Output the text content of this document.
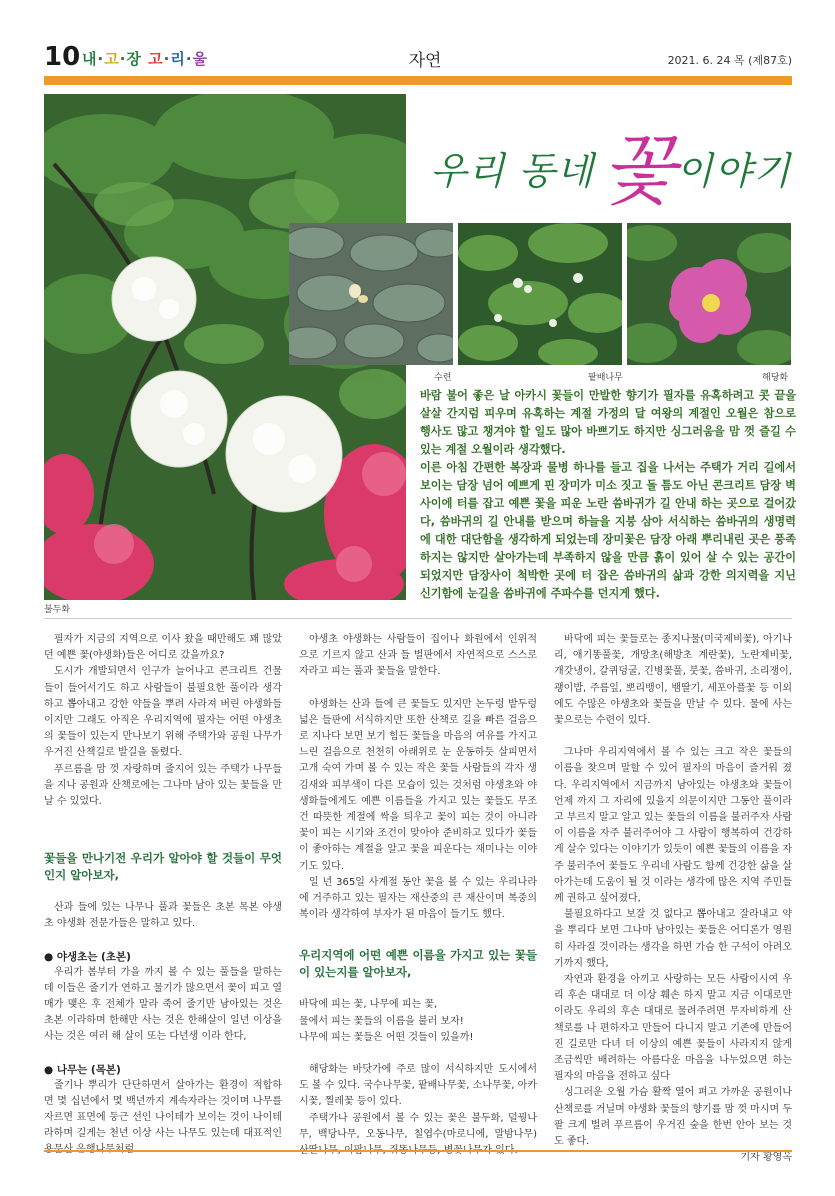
10 내·고·장 고·리·울	자연	2021. 6. 24 목 (제87호)
불두화
우리 동네 꽃 이야기
수련	팥배나무	해당화

바람 불어 좋은 날 아카시 꽃들이 만발한 향기가 필자를 유혹하려고 콧 끝을 살살 간지럼 피우며 유혹하는 계절 가정의 달 여왕의 계절인 오월은 참으로 행사도 많고 챙겨야 할 일도 많아 바쁘기도 하지만 싱그러움을 맘 껏 즐길 수 있는 계절 오월이라 생각했다.

이른 아침 간편한 복장과 물병 하나를 들고 집을 나서는 주택가 거리 길에서 보이는 담장 넘어 예쁘게 핀 장미가 미소 짓고 돌 틈도 아닌 콘크리트 담장 벽 사이에 터를 잡고 예쁜 꽃을 피운 노란 씀바귀가 길 안내 하는 곳으로 걸어갔다, 씀바귀의 길 안내를 받으며 하늘을 지붕 삼아 서식하는 씀바귀의 생명력에 대한 대단함을 생각하게 되었는데 장미꽃은 담장 아래 뿌리내린 곳은 풍족하지는 않지만 살아가는데 부족하지 않을 만큼 흙이 있어 살 수 있는 공간이 되었지만 담장사이 척박한 곳에 터 잡은 씀바귀의 삶과 강한 의지력을 지닌 신기함에 눈길을 씀바귀에 주파수를 던지게 했다.

필자가 지금의 지역으로 이사 왔을 때만해도 꽤 많았던 예쁜 꽃(야생화)들은 어디로 갔을까요?

도시가 개발되면서 인구가 늘어나고 콘크리트 건물들이 들어서기도 하고 사람들이 불필요한 풀이라 생각하고 뽑아내고 강한 약들을 뿌려 사라져 버린 야생화들이지만 그래도 아직은 우리지역에 필자는 어떤 야생초의 꽃들이 있는지 만나보기 위해 주택가와 공원 나무가 우거진 산책길로 발길을 돌렸다.

푸르름을 맘 껏 자랑하며 줄지어 있는 주택가 나무들을 지나 공원과 산책로에는 그나마 남아 있는 꽃들을 만날 수 있었다.

꽃들을 만나기전 우리가 알아야 할 것들이 무엇인지 알아보자,

산과 들에 있는 나무나 풀과 꽃들은 초본 목본 야생초 야생화 전문가들은 말하고 있다.

● 야생초는 (초본)

우리가 봄부터 가을 까지 볼 수 있는 풀들을 말하는데 이들은 줄기가 연하고 물기가 많으면서 꽃이 피고 열매가 맺은 후 전체가 말라 죽어 줄기만 남아있는 것은 초본 이라하며 한해만 사는 것은 한해살이 일년 이상을 사는 것은 여러 해 살이 또는 다년생 이라 한다,

● 나무는 (목본)

줄기나 뿌리가 단단하면서 살아가는 환경이 적합하면 몇 십년에서 몇 백년까지 계속자라는 것이며 나무를 자르면 표면에 둥근 선인 나이테가 보이는 것이 나이테 라하며 길게는 천년 이상 사는 나무도 있는데 대표적인

야생초 야생화는 사람들이 집이나 화원에서 인위적으로 기르지 않고 산과 들 벌판에서 자연적으로 스스로 자라고 피는 풀과 꽃들을 말한다.

야생화는 산과 들에 큰 꽃들도 있지만 논두렁 밭두렁 넓은 들판에 서식하지만 또한 산책로 길을 빠른 걸음으로 지나다 보면 보기 힘든 꽃들을 마음의 여유를 가지고 느린 걸음으로 천천히 아래위로 눈 운동하듯 살피면서 고개 숙여 가며 볼 수 있는 작은 꽃들 사람들의 각자 생김새와 피부색이 다른 모습이 있는 것처럼 야생초와 야생화들에게도 예쁜 이름들을 가지고 있는 꽃들도 무조건 따뜻한 계절에 싹을 틔우고 꽃이 피는 것이 아니라 꽃이 피는 시기와 조건이 맞아야 준비하고 있다가 꽃들이 좋아하는 계절을 알고 꽃을 피운다는 재미나는 이야기도 있다.

일 년 365일 사계절 동안 꽃을 볼 수 있는 우리나라에 거주하고 있는 필자는 재산중의 큰 재산이며 복중의 복이라 생각하여 부자가 된 마음이 들기도 했다.

우리지역에 어떤 예쁜 이름을 가지고 있는 꽃들이 있는지를 알아보자,

바닥에 피는 꽃, 나무에 피는 꽃,

물에서 피는 꽃들의 이름을 불러 보자!

나무에 피는 꽃들은 어떤 것들이 있을까!

해당화는 바닷가에 주로 많이 서식하지만 도시에서도 볼 수 있다. 국수나무꽃, 팥배나무꽃, 소나무꽃, 아카시꽃, 찔레꽃 등이 있다.

주택가나 공원에서 볼 수 있는 꽃은 불두화, 덜꿩나무, 백당나무, 오동나무, 칠엽수(마로니에, 말밤나무)

바닥에 피는 꽃들로는 종지나물(미국제비꽃), 아기나리, 애기똥풀꽃, 개망초(해방초 계란꽃), 노란제비꽃, 개갓냉이, 갈퀴덩굴, 긴병꽃풀, 붓꽃, 씀바귀, 소리쟁이, 괭이밥, 주름잎, 뽀리뱅이, 뱀딸기, 세포아플꽃 등 이외에도 수많은 야생초와 꽃들을 만날 수 있다. 물에 사는 꽃으로는 수련이 있다.

그나마 우리지역에서 볼 수 있는 크고 작은 꽃들의 이름을 찾으며 말할 수 있어 필자의 마음이 즐거워 졌다. 우리지역에서 지금까지 남아있는 야생초와 꽃들이 언제 까지 그 자리에 있을지 의문이지만 그동안 풀이라고 부르지 말고 알고 있는 꽃들의 이름을 불러주자 사람이 이름을 자주 불러주어야 그 사람이 행복하여 건강하게 살수 있다는 이야기가 있듯이 예쁜 꽃들의 이름을 자주 불러주어 꽃들도 우리네 사람도 함께 건강한 삶을 살아가는데 도움이 될 것 이라는 생각에 많은 지역 주민들께 권하고 싶어졌다,

불필요하다고 보잘 것 없다고 뽑아내고 잘라내고 약을 뿌리다 보면 그나마 남아있는 꽃들은 어디론가 영원히 사라질 것이라는 생각을 하면 가슴 한 구석이 아려오기까지 했다,

자연과 환경을 아끼고 사랑하는 모든 사람이시여 우리 후손 대대로 더 이상 훼손 하지 말고 지금 이대로만이라도 우리의 후손 대대로 물려주려면 무자비하게 산책로를 나 편하자고 만들어 다니지 말고 기존에 만들어진 길로만 다녀 더 이상의 예쁜 꽃들이 사라지지 않게 조금씩만 배려하는 아름다운 마음을 나누었으면 하는 필자의 마음을 전하고 싶다

싱그러운 오월 가슴 활짝 열어 펴고 가까운 공원이나 산책로를 거닐며 야생화 꽃들의 향기를 맘 껏 마시며 두 팔 크게 벌려 푸르름이 우거진 숲을 한번 안아 보는 것도 좋다.

기자 황영옥
